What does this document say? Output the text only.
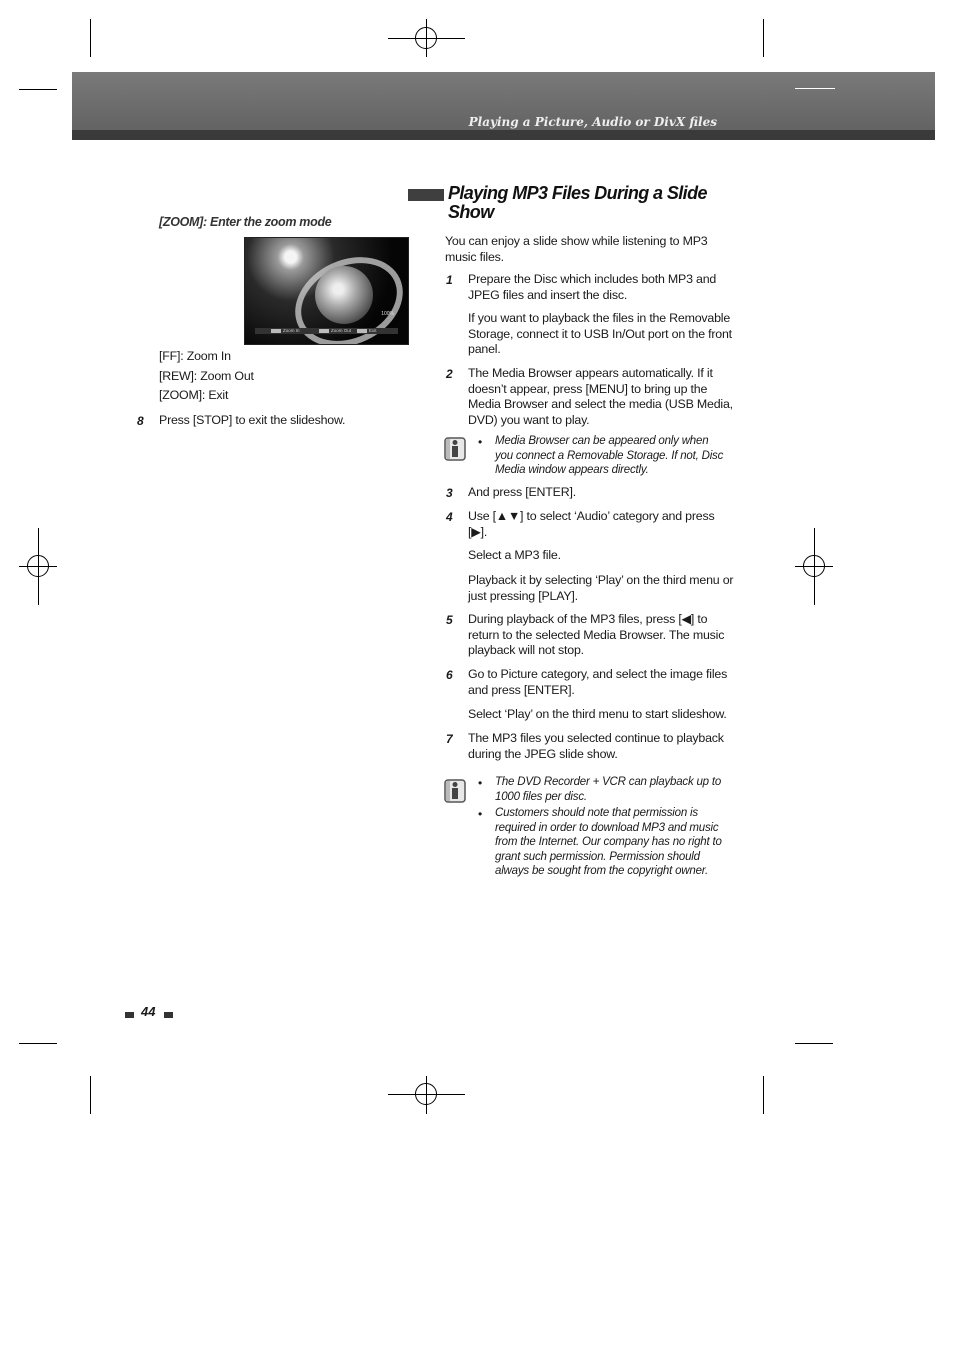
Playing a Picture, Audio or DivX files
[ZOOM]: Enter the zoom mode
100%
Zoom In	Zoom Out	Exit
[FF]: Zoom In
[REW]: Zoom Out
[ZOOM]: Exit
8 Press [STOP] to exit the slideshow.
Playing MP3 Files During a Slide
Show
You can enjoy a slide show while listening to MP3
music files.
1 Prepare the Disc which includes both MP3 and
JPEG files and insert the disc.
If you want to playback the files in the Removable
Storage, connect it to USB In/Out port on the front
panel.
2 The Media Browser appears automatically. If it
doesn’t appear, press [MENU] to bring up the
Media Browser and select the media (USB Media,
DVD) you want to play.
• Media Browser can be appeared only when
you connect a Removable Storage. If not, Disc
Media window appears directly.
3 And press [ENTER].
4 Use [▲▼] to select ‘Audio’ category and press
[▶].
Select a MP3 file.
Playback it by selecting ‘Play’ on the third menu or
just pressing [PLAY].
5 During playback of the MP3 files, press [◀] to
return to the selected Media Browser. The music
playback will not stop.
6 Go to Picture category, and select the image files
and press [ENTER].
Select ‘Play’ on the third menu to start slideshow.
7 The MP3 files you selected continue to playback
during the JPEG slide show.
• The DVD Recorder + VCR can playback up to
1000 files per disc.
• Customers should note that permission is
required in order to download MP3 and music
from the Internet. Our company has no right to
grant such permission. Permission should
always be sought from the copyright owner.
44
